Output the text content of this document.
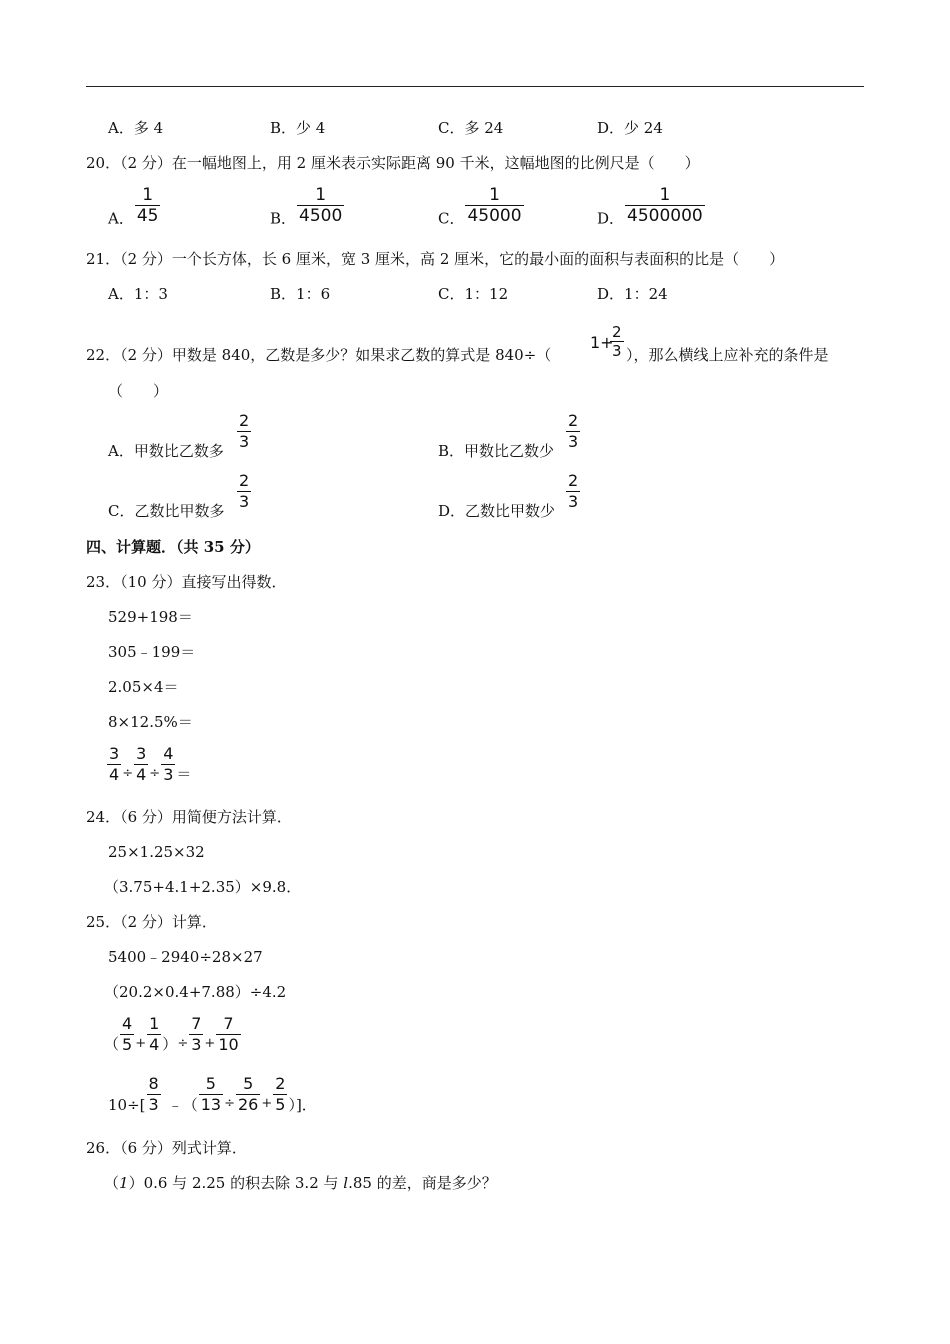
A．多 4	B．少 4	C．多 24	D．少 24
20．（2 分）在一幅地图上，用 2 厘米表示实际距离 90 千米，这幅地图的比例尺是（　　）
A． $\frac{1}{45}$	B． $\frac{1}{4500}$	C． $\frac{1}{45000}$	D． $\frac{1}{4500000}$
21．（2 分）一个长方体，长 6 厘米，宽 3 厘米，高 2 厘米，它的最小面的面积与表面积的比是（　　）
A．1：3	B．1：6	C．1：12	D．1：24
22．（2 分）甲数是 840，乙数是多少？如果求乙数的算式是 840÷（
1+
$\frac{2}{3}$ ），那么横线上应补充的条件是
（　　）
A．甲数比乙数多 $\frac{2}{3}$	B．甲数比乙数少 $\frac{2}{3}$
C．乙数比甲数多 $\frac{2}{3}$	D．乙数比甲数少 $\frac{2}{3}$
四、计算题．（共 35 分）
23．（10 分）直接写出得数．
529+198＝
305﹣199＝
2.05×4＝
8×12.5%＝
$\frac{3}{4} \div \frac{3}{4} \div \frac{4}{3}$ ＝
24．（6 分）用简便方法计算．
25×1.25×32
（3.75+4.1+2.35）×9.8．
25．（2 分）计算．
5400﹣2940÷28×27
（20.2×0.4+7.88）÷4.2
（ $\frac{4}{5} + \frac{1}{4}$ ） ÷ $\frac{7}{3} + \frac{7}{10}$
$10\div[ \frac{8}{3}$ ﹣（ $\frac{5}{13} \div \frac{5}{26} + \frac{2}{5}$ ）]．
26．（6 分）列式计算．
（1）0.6 与 2.25 的积去除 3.2 与 l.85 的差，商是多少？
